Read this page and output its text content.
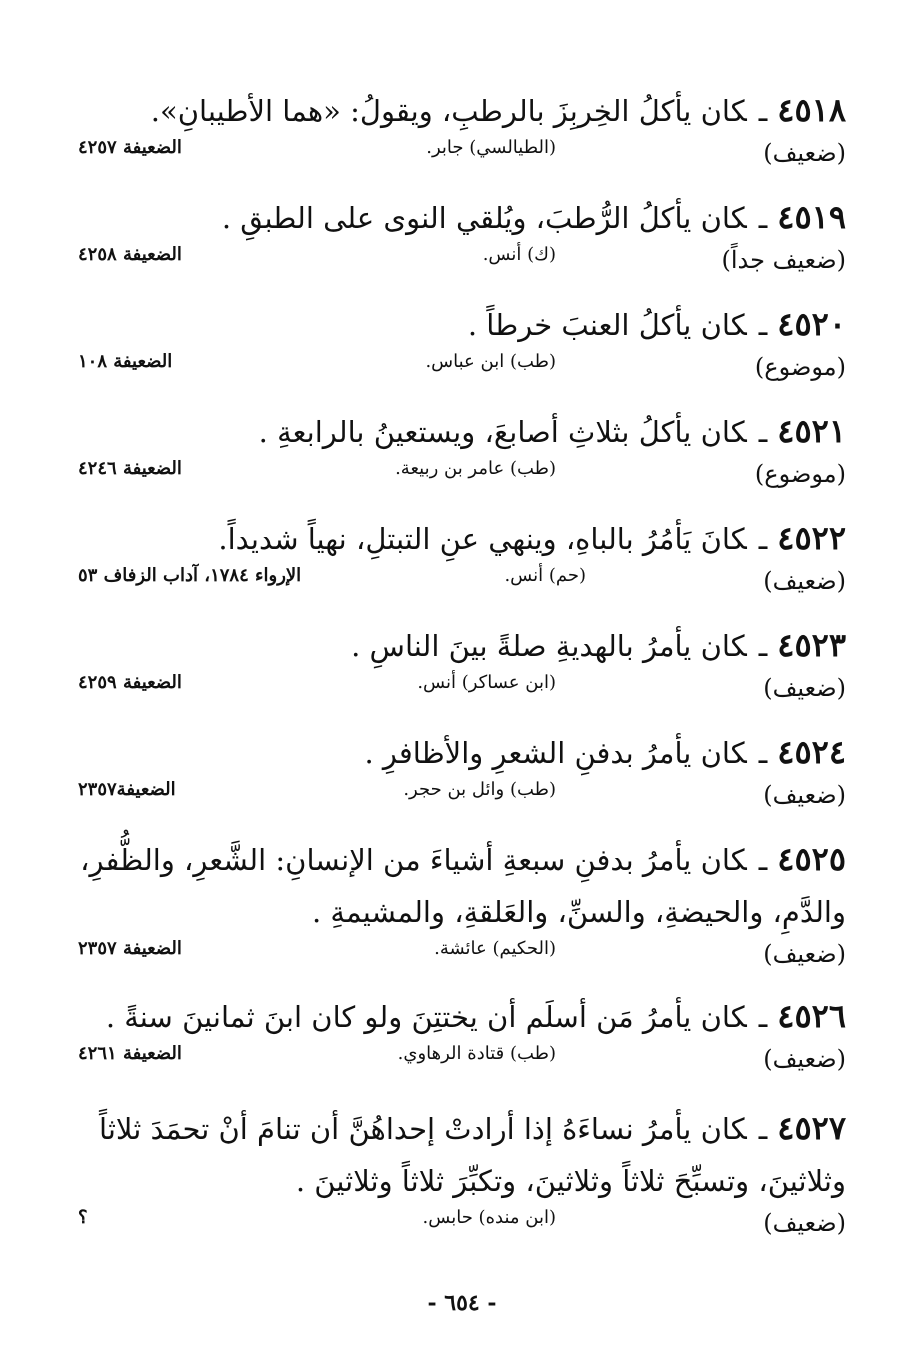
٤٥١٨ـكان يأكلُ الخِربِزَ بالرطبِ، ويقولُ: «هما الأطيبانِ».
(ضعيف)
(الطيالسي) جابر.
الضعيفة ٤٢٥٧
٤٥١٩ـكان يأكلُ الرُّطبَ، ويُلقي النوى على الطبقِ .
(ضعيف جداً)
(ك) أنس.
الضعيفة ٤٢٥٨
٤٥٢٠ـكان يأكلُ العنبَ خرطاً .
(موضوع)
(طب) ابن عباس.
الضعيفة ١٠٨
٤٥٢١ـكان يأكلُ بثلاثِ أصابعَ، ويستعينُ بالرابعةِ .
(موضوع)
(طب) عامر بن ربيعة.
الضعيفة ٤٢٤٦
٤٥٢٢ـكانَ يَأمُرُ بالباهِ، وينهي عنِ التبتلِ، نهياً شديداً.
(ضعيف)
(حم) أنس.
الإرواء ١٧٨٤، آداب الزفاف ٥٣
٤٥٢٣ـكان يأمرُ بالهديةِ صلةً بينَ الناسِ .
(ضعيف)
(ابن عساكر) أنس.
الضعيفة ٤٢٥٩
٤٥٢٤ـكان يأمرُ بدفنِ الشعرِ والأظافرِ .
(ضعيف)
(طب) وائل بن حجر.
الضعيفة٢٣٥٧
٤٥٢٥ـكان يأمرُ بدفنِ سبعةِ أشياءَ من الإنسانِ: الشَّعرِ، والظُّفرِ،
والدَّمِ، والحيضةِ، والسنِّ، والعَلقةِ، والمشيمةِ .
(ضعيف)
(الحكيم) عائشة.
الضعيفة ٢٣٥٧
٤٥٢٦ـكان يأمرُ مَن أسلَم أن يختتِنَ ولو كان ابنَ ثمانينَ سنةً .
(ضعيف)
(طب) قتادة الرهاوي.
الضعيفة ٤٢٦١
٤٥٢٧ـكان يأمرُ نساءَهُ إذا أرادتْ إحداهُنَّ أن تنامَ أنْ تحمَدَ ثلاثاً
وثلاثينَ، وتسبِّحَ ثلاثاً وثلاثينَ، وتكبِّرَ ثلاثاً وثلاثينَ .
(ضعيف)
(ابن منده) حابس.
؟
- ٦٥٤ -
